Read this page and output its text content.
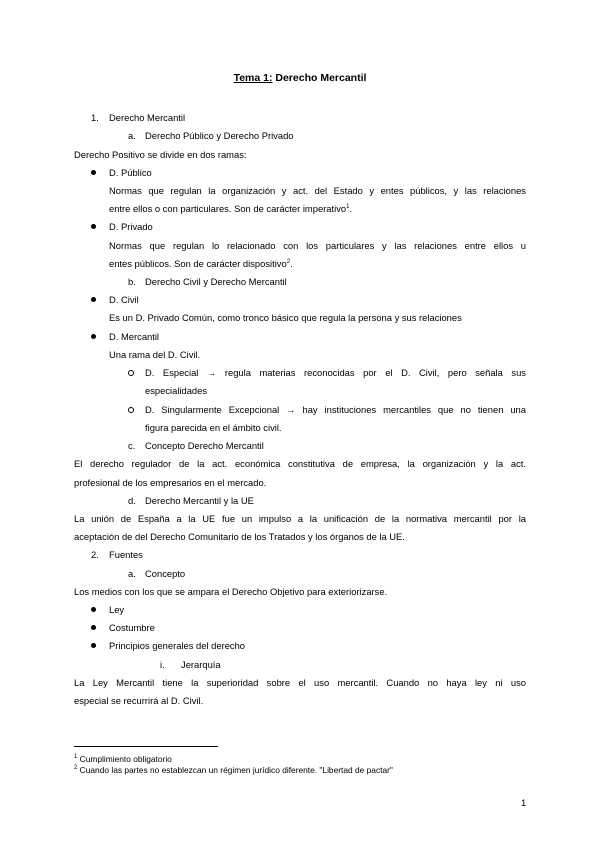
Tema 1: Derecho Mercantil
1. Derecho Mercantil
a. Derecho Público y Derecho Privado
Derecho Positivo se divide en dos ramas:
D. Público
Normas que regulan la organización y act. del Estado y entes públicos, y las relaciones
entre ellos o con particulares. Son de carácter imperativo$^1$.
D. Privado
Normas que regulan lo relacionado con los particulares y las relaciones entre ellos u
entes públicos. Son de carácter dispositivo$^2$.
b. Derecho Civil y Derecho Mercantil
D. Civil
Es un D. Privado Común, como tronco básico que regula la persona y sus relaciones
D. Mercantil
Una rama del D. Civil.
D. Especial → regula materias reconocidas por el D. Civil, pero señala sus
especialidades
D. Singularmente Excepcional → hay instituciones mercantiles que no tienen una
figura parecida en el ámbito civil.
c. Concepto Derecho Mercantil
El derecho regulador de la act. económica constitutiva de empresa, la organización y la act.
profesional de los empresarios en el mercado.
d. Derecho Mercantil y la UE
La unión de España a la UE fue un impulso a la unificación de la normativa mercantil por la
aceptación de del Derecho Comunitario de los Tratados y los órganos de la UE.
2. Fuentes
a. Concepto
Los medios con los que se ampara el Derecho Objetivo para exteriorizarse.
Ley
Costumbre
Principios generales del derecho
i. Jerarquía
La Ley Mercantil tiene la superioridad sobre el uso mercantil. Cuando no haya ley ni uso
especial se recurrirá al D. Civil.
$^1$ Cumplimiento obligatorio
$^2$ Cuando las partes no establezcan un régimen jurídico diferente. "Libertad de pactar"
1
